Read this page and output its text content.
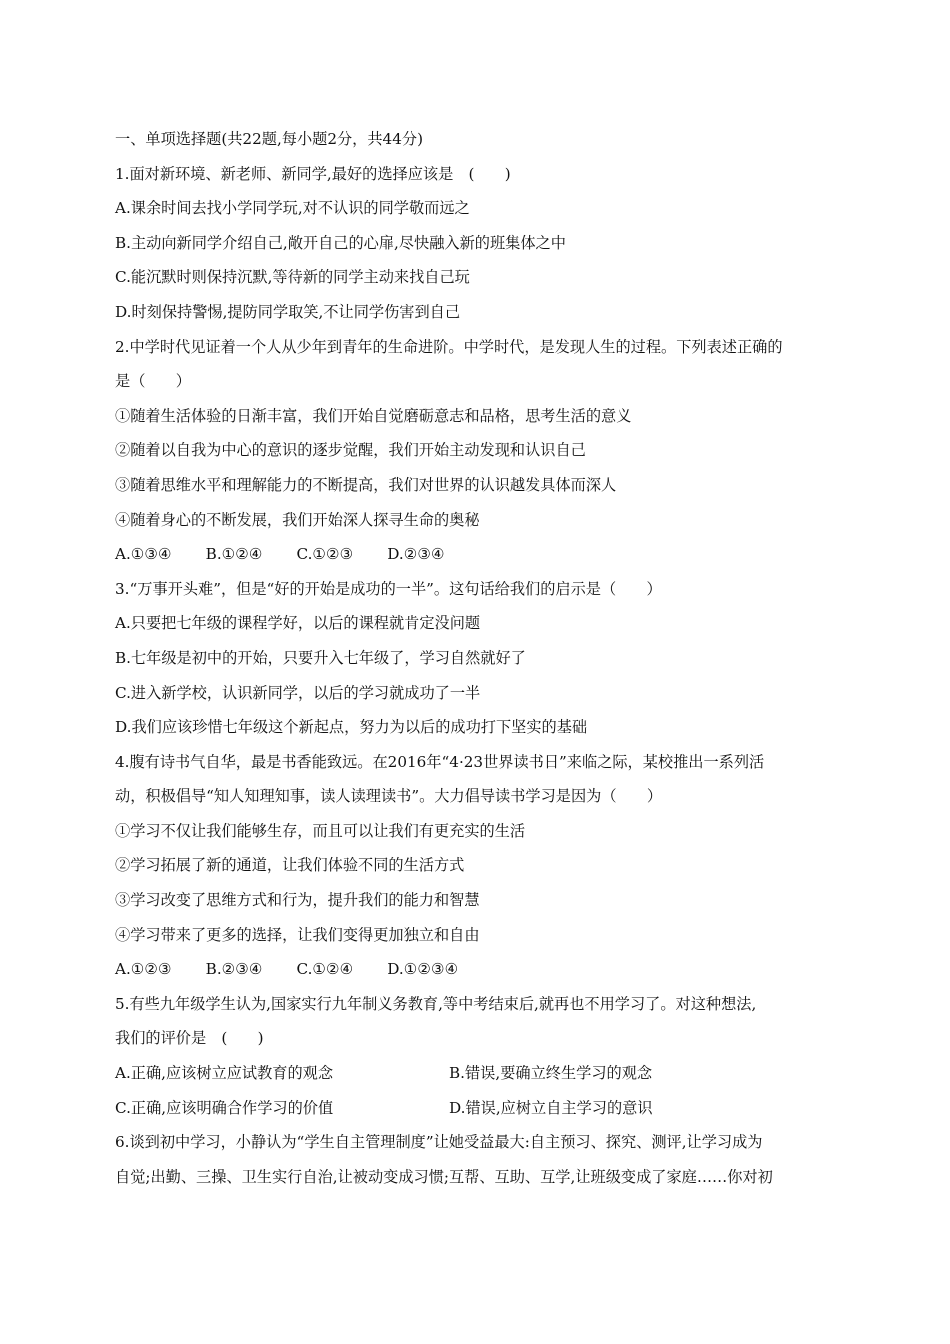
一、单项选择题(共22题,每小题2分，共44分)
1.面对新环境、新老师、新同学,最好的选择应该是　(　　)
A.课余时间去找小学同学玩,对不认识的同学敬而远之
B.主动向新同学介绍自己,敞开自己的心扉,尽快融入新的班集体之中
C.能沉默时则保持沉默,等待新的同学主动来找自己玩
D.时刻保持警惕,提防同学取笑,不让同学伤害到自己
2.中学时代见证着一个人从少年到青年的生命进阶。中学时代，是发现人生的过程。下列表述正确的
是（　　）
①随着生活体验的日渐丰富，我们开始自觉磨砺意志和品格，思考生活的意义
②随着以自我为中心的意识的逐步觉醒，我们开始主动发现和认识自己
③随着思维水平和理解能力的不断提高，我们对世界的认识越发具体而深人
④随着身心的不断发展，我们开始深人探寻生命的奥秘
A.①③④ B.①②④ C.①②③ D.②③④
3.“万事开头难”，但是“好的开始是成功的一半”。这句话给我们的启示是（　　）
A.只要把七年级的课程学好，以后的课程就肯定没问题
B.七年级是初中的开始，只要升入七年级了，学习自然就好了
C.进入新学校，认识新同学，以后的学习就成功了一半
D.我们应该珍惜七年级这个新起点，努力为以后的成功打下坚实的基础
4.腹有诗书气自华，最是书香能致远。在2016年“4·23世界读书日”来临之际，某校推出一系列活
动，积极倡导“知人知理知事，读人读理读书”。大力倡导读书学习是因为（　　）
①学习不仅让我们能够生存，而且可以让我们有更充实的生活
②学习拓展了新的通道，让我们体验不同的生活方式
③学习改变了思维方式和行为，提升我们的能力和智慧
④学习带来了更多的选择，让我们变得更加独立和自由
A.①②③ B.②③④ C.①②④ D.①②③④
5.有些九年级学生认为,国家实行九年制义务教育,等中考结束后,就再也不用学习了。对这种想法,
我们的评价是　(　　)
A.正确,应该树立应试教育的观念	B.错误,要确立终生学习的观念
C.正确,应该明确合作学习的价值	D.错误,应树立自主学习的意识
6.谈到初中学习，小静认为“学生自主管理制度”让她受益最大:自主预习、探究、测评,让学习成为
自觉;出勤、三操、卫生实行自治,让被动变成习惯;互帮、互助、互学,让班级变成了家庭……你对初
